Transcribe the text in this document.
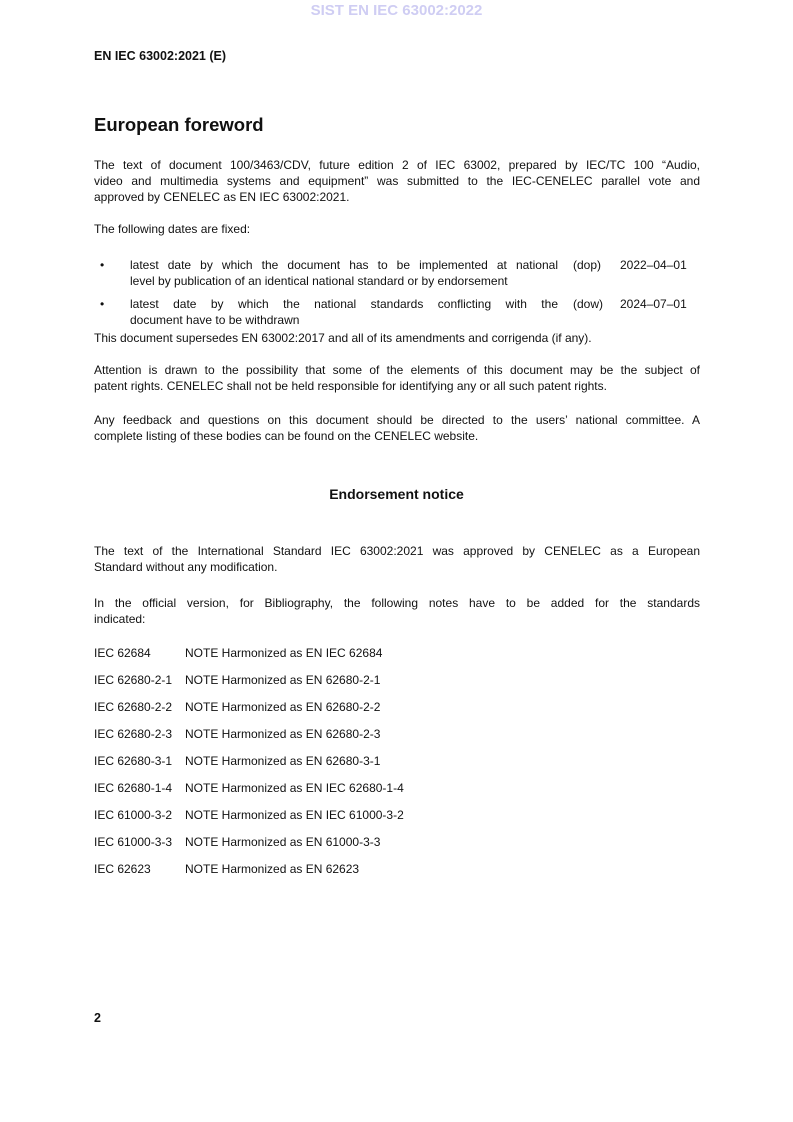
SIST EN IEC 63002:2022
EN IEC 63002:2021 (E)
European foreword
The text of document 100/3463/CDV, future edition 2 of IEC 63002, prepared by IEC/TC 100 “Audio,
video and multimedia systems and equipment” was submitted to the IEC-CENELEC parallel vote and
approved by CENELEC as EN IEC 63002:2021.
The following dates are fixed:
• latest date by which the document has to be implemented at national
level by publication of an identical national standard or by endorsement
(dop) 2022–04–01
• latest date by which the national standards conflicting with the
document have to be withdrawn
(dow) 2024–07–01
This document supersedes EN 63002:2017 and all of its amendments and corrigenda (if any).
Attention is drawn to the possibility that some of the elements of this document may be the subject of
patent rights. CENELEC shall not be held responsible for identifying any or all such patent rights.
Any feedback and questions on this document should be directed to the users’ national committee. A
complete listing of these bodies can be found on the CENELEC website.
Endorsement notice
The text of the International Standard IEC 63002:2021 was approved by CENELEC as a European
Standard without any modification.
In the official version, for Bibliography, the following notes have to be added for the standards
indicated:
IEC 62684	NOTE Harmonized as EN IEC 62684
IEC 62680-2-1 NOTE Harmonized as EN 62680-2-1
IEC 62680-2-2 NOTE Harmonized as EN 62680-2-2
IEC 62680-2-3 NOTE Harmonized as EN 62680-2-3
IEC 62680-3-1 NOTE Harmonized as EN 62680-3-1
IEC 62680-1-4 NOTE Harmonized as EN IEC 62680-1-4
IEC 61000-3-2 NOTE Harmonized as EN IEC 61000-3-2
IEC 61000-3-3 NOTE Harmonized as EN 61000-3-3
IEC 62623	NOTE Harmonized as EN 62623
2
